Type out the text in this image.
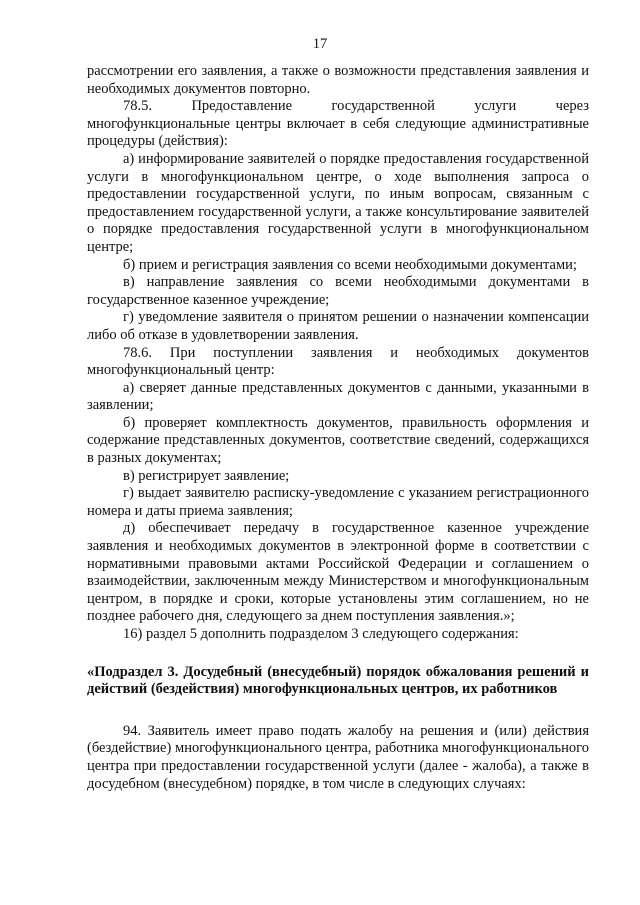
17

рассмотрении его заявления, а также о возможности представления заявления и необходимых документов повторно.

78.5. Предоставление государственной услуги через многофункциональные центры включает в себя следующие административные процедуры (действия):

а) информирование заявителей о порядке предоставления государственной услуги в многофункциональном центре, о ходе выполнения запроса о предоставлении государственной услуги, по иным вопросам, связанным с предоставлением государственной услуги, а также консультирование заявителей о порядке предоставления государственной услуги в многофункциональном центре;

б) прием и регистрация заявления со всеми необходимыми документами;

в) направление заявления со всеми необходимыми документами в государственное казенное учреждение;

г) уведомление заявителя о принятом решении о назначении компенсации либо об отказе в удовлетворении заявления.

78.6. При поступлении заявления и необходимых документов многофункциональный центр:

а) сверяет данные представленных документов с данными, указанными в заявлении;

б) проверяет комплектность документов, правильность оформления и содержание представленных документов, соответствие сведений, содержащихся в разных документах;

в) регистрирует заявление;

г) выдает заявителю расписку-уведомление с указанием регистрационного номера и даты приема заявления;

д) обеспечивает передачу в государственное казенное учреждение заявления и необходимых документов в электронной форме в соответствии с нормативными правовыми актами Российской Федерации и соглашением о взаимодействии, заключенным между Министерством и многофункциональным центром, в порядке и сроки, которые установлены этим соглашением, но не позднее рабочего дня, следующего за днем поступления заявления.»;

16) раздел 5 дополнить подразделом 3 следующего содержания:

«Подраздел 3. Досудебный (внесудебный) порядок обжалования решений и действий (бездействия) многофункциональных центров, их работников

94. Заявитель имеет право подать жалобу на решения и (или) действия (бездействие) многофункционального центра, работника многофункционального центра при предоставлении государственной услуги (далее - жалоба), а также в досудебном (внесудебном) порядке, в том числе в следующих случаях:
